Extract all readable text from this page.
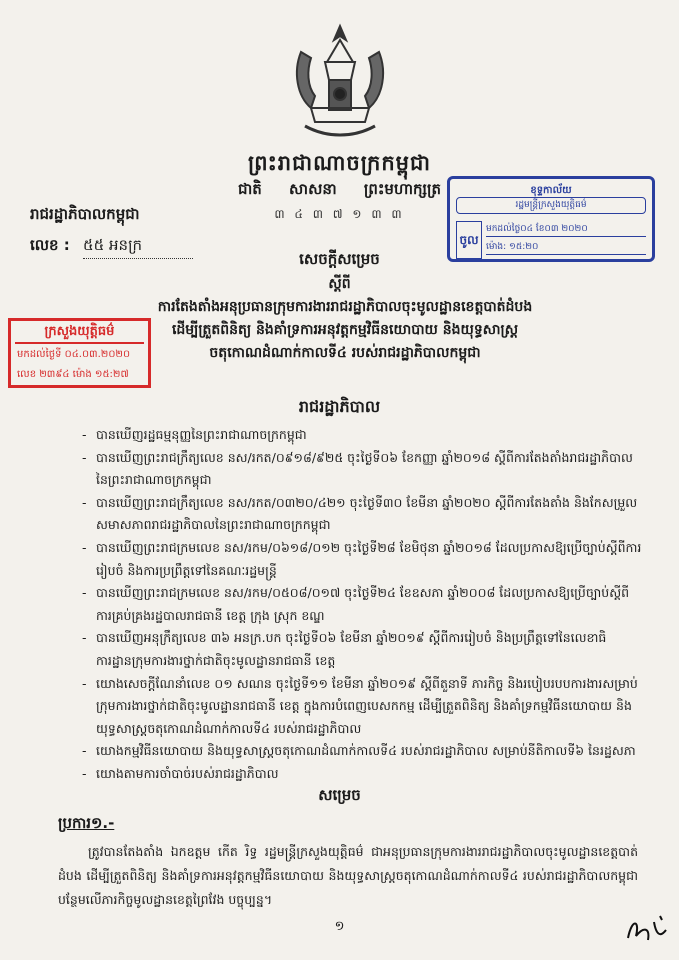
ព្រះរាជាណាចក្រកម្ពុជា
ជាតិ សាសនា ព្រះមហាក្សត្រ
៣ ៤ ៣ ៧ ១ ៣ ៣
រាជរដ្ឋាភិបាលកម្ពុជា
លេខ : ៥៥ អនក្រ
ខុទ្ទកាល័យ
រដ្ឋមន្ត្រីក្រសួងយុត្តិធម៌
ចូល
មកដល់ថ្ងៃ០៤ ខែ០៣ ២០២០
ម៉ោង: ១៥:២០
សេចក្តីសម្រេច
ស្តីពី
ការតែងតាំងអនុប្រធានក្រុមការងាររាជរដ្ឋាភិបាលចុះមូលដ្ឋានខេត្តបាត់ដំបង
ដើម្បីត្រួតពិនិត្យ និងគាំទ្រការអនុវត្តកម្មវិធីនយោបាយ និងយុទ្ធសាស្ត្រ
ចតុកោណដំណាក់កាលទី៤ របស់រាជរដ្ឋាភិបាលកម្ពុជា
ក្រសួងយុត្តិធម៌
មកដល់ថ្ងៃទី ០៤.០៣.២០២០
លេខ ២៣៩៤ ម៉ោង ១៥:២៧
រាជរដ្ឋាភិបាល
- បានឃើញរដ្ឋធម្មនុញ្ញនៃព្រះរាជាណាចក្រកម្ពុជា
- បានឃើញព្រះរាជក្រឹត្យលេខ នស/រកត/០៩១៨/៩២៥ ចុះថ្ងៃទី០៦ ខែកញ្ញា ឆ្នាំ២០១៨ ស្តីពីការតែងតាំងរាជរដ្ឋាភិបាលនៃព្រះរាជាណាចក្រកម្ពុជា
- បានឃើញព្រះរាជក្រឹត្យលេខ នស/រកត/០៣២០/៤២១ ចុះថ្ងៃទី៣០ ខែមីនា ឆ្នាំ២០២០ ស្តីពីការតែងតាំង និងកែសម្រួលសមាសភាពរាជរដ្ឋាភិបាលនៃព្រះរាជាណាចក្រកម្ពុជា
- បានឃើញព្រះរាជក្រមលេខ នស/រកម/០៦១៨/០១២ ចុះថ្ងៃទី២៨ ខែមិថុនា ឆ្នាំ២០១៨ ដែលប្រកាសឱ្យប្រើច្បាប់ស្តីពីការរៀបចំ និងការប្រព្រឹត្តទៅនៃគណៈរដ្ឋមន្ត្រី
- បានឃើញព្រះរាជក្រមលេខ នស/រកម/០៥០៨/០១៧ ចុះថ្ងៃទី២៤ ខែឧសភា ឆ្នាំ២០០៨ ដែលប្រកាសឱ្យប្រើច្បាប់ស្តីពីការគ្រប់គ្រងរដ្ឋបាលរាជធានី ខេត្ត ក្រុង ស្រុក ខណ្ឌ
- បានឃើញអនុក្រឹត្យលេខ ៣៦ អនក្រ.បក ចុះថ្ងៃទី០៦ ខែមីនា ឆ្នាំ២០១៩ ស្តីពីការរៀបចំ និងប្រព្រឹត្តទៅនៃលេខាធិការដ្ឋានក្រុមការងារថ្នាក់ជាតិចុះមូលដ្ឋានរាជធានី ខេត្ត
- យោងសេចក្តីណែនាំលេខ ០១ សណន ចុះថ្ងៃទី១១ ខែមីនា ឆ្នាំ២០១៩ ស្តីពីតួនាទី ភារកិច្ច និងរបៀបរបបការងារសម្រាប់ក្រុមការងារថ្នាក់ជាតិចុះមូលដ្ឋានរាជធានី ខេត្ត ក្នុងការបំពេញបេសកកម្ម ដើម្បីត្រួតពិនិត្យ និងគាំទ្រកម្មវិធីនយោបាយ និងយុទ្ធសាស្ត្រចតុកោណដំណាក់កាលទី៤ របស់រាជរដ្ឋាភិបាល
- យោងកម្មវិធីនយោបាយ និងយុទ្ធសាស្ត្រចតុកោណដំណាក់កាលទី៤ របស់រាជរដ្ឋាភិបាល សម្រាប់នីតិកាលទី៦ នៃរដ្ឋសភា
- យោងតាមការចាំបាច់របស់រាជរដ្ឋាភិបាល
សម្រេច
ប្រការ១.-
ត្រូវបានតែងតាំង ឯកឧត្តម កើត រិទ្ធ រដ្ឋមន្ត្រីក្រសួងយុត្តិធម៌ ជាអនុប្រធានក្រុមការងាររាជរដ្ឋាភិបាលចុះមូលដ្ឋានខេត្តបាត់ដំបង ដើម្បីត្រួតពិនិត្យ និងគាំទ្រការអនុវត្តកម្មវិធីនយោបាយ និងយុទ្ធសាស្ត្រចតុកោណដំណាក់កាលទី៤ របស់រាជរដ្ឋាភិបាលកម្ពុជា បន្ថែមលើភារកិច្ចមូលដ្ឋានខេត្តព្រៃវែង បច្ចុប្បន្ន។
១
